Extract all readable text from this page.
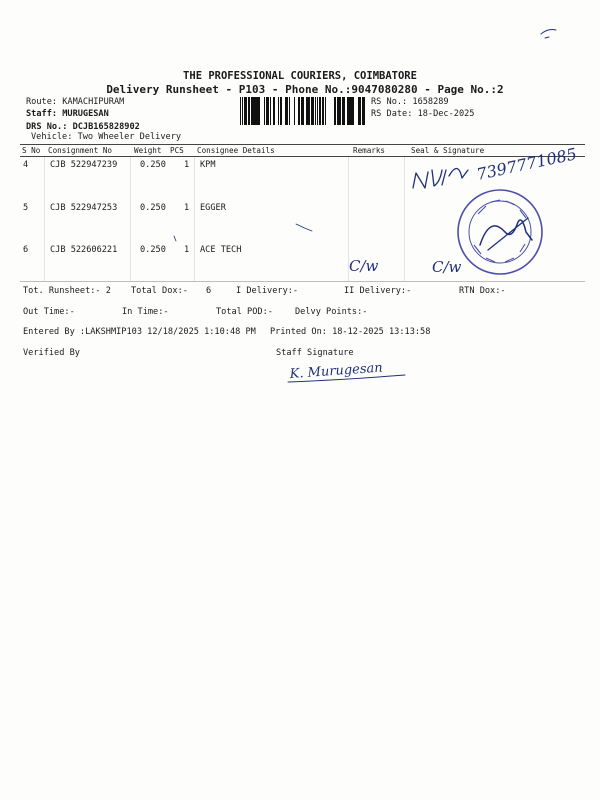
THE PROFESSIONAL COURIERS, COIMBATORE
Delivery Runsheet - P103 - Phone No.:9047080280 - Page No.:2
Route: KAMACHIPURAM
Staff: MURUGESAN
DRS No.: DCJB165828902
Vehicle: Two Wheeler Delivery
RS No.: 1658289
RS Date: 18-Dec-2025
S No Consignment No	Weight PCS Consignee Details	Remarks	Seal & Signature
4	CJB 522947239	0.250 1 KPM
5	CJB 522947253	0.250 1 EGGER
6	CJB 522606221	0.250 1 ACE TECH
Tot. Runsheet:- 2 Total Dox:- 6	I Delivery:-	II Delivery:-	RTN Dox:-
Out Time:-	In Time:-	Total POD:-	Delvy Points:-
Entered By :LAKSHMIP103 12/18/2025 1:10:48 PM Printed On: 18-12-2025 13:13:58
Verified By	Staff Signature
7397771085
C/w	C/w
K. Murugesan
